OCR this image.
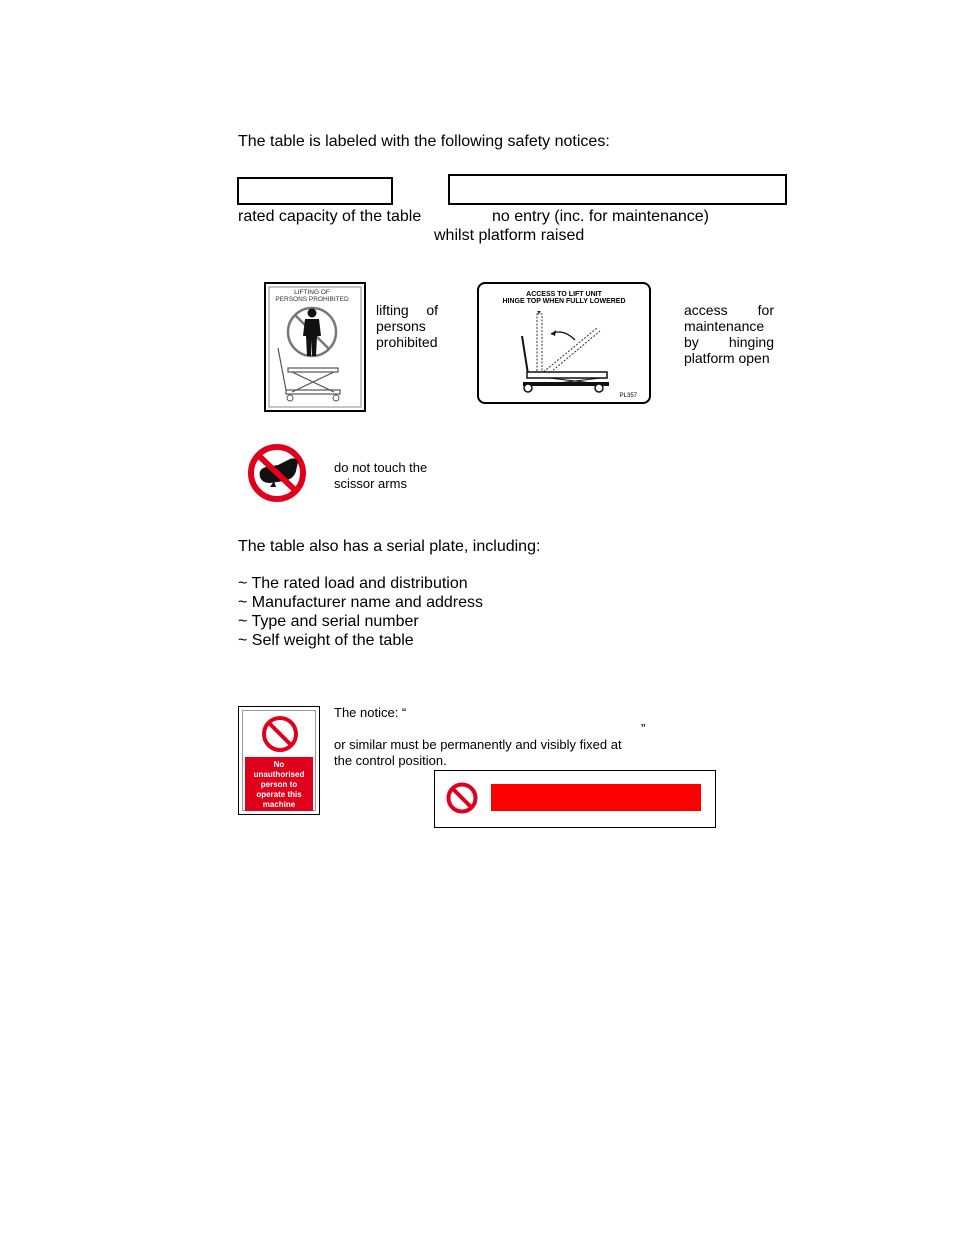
The table is labeled with the following safety notices:
rated capacity of the table	no entry (inc. for maintenance)
whilst platform raised
LIFTING OF
PERSONS PROHIBITED
lifting of
persons
prohibited
ACCESS TO LIFT UNIT
HINGE TOP WHEN FULLY LOWERED
PL357
access for
maintenance
by hinging
platform open
do not touch the
scissor arms
The table also has a serial plate, including:
~ The rated load and distribution
~ Manufacturer name and address
~ Type and serial number
~ Self weight of the table
No
unauthorised
person to
operate this
machine
The notice: “
”
or similar must be permanently and visibly fixed at
the control position.
